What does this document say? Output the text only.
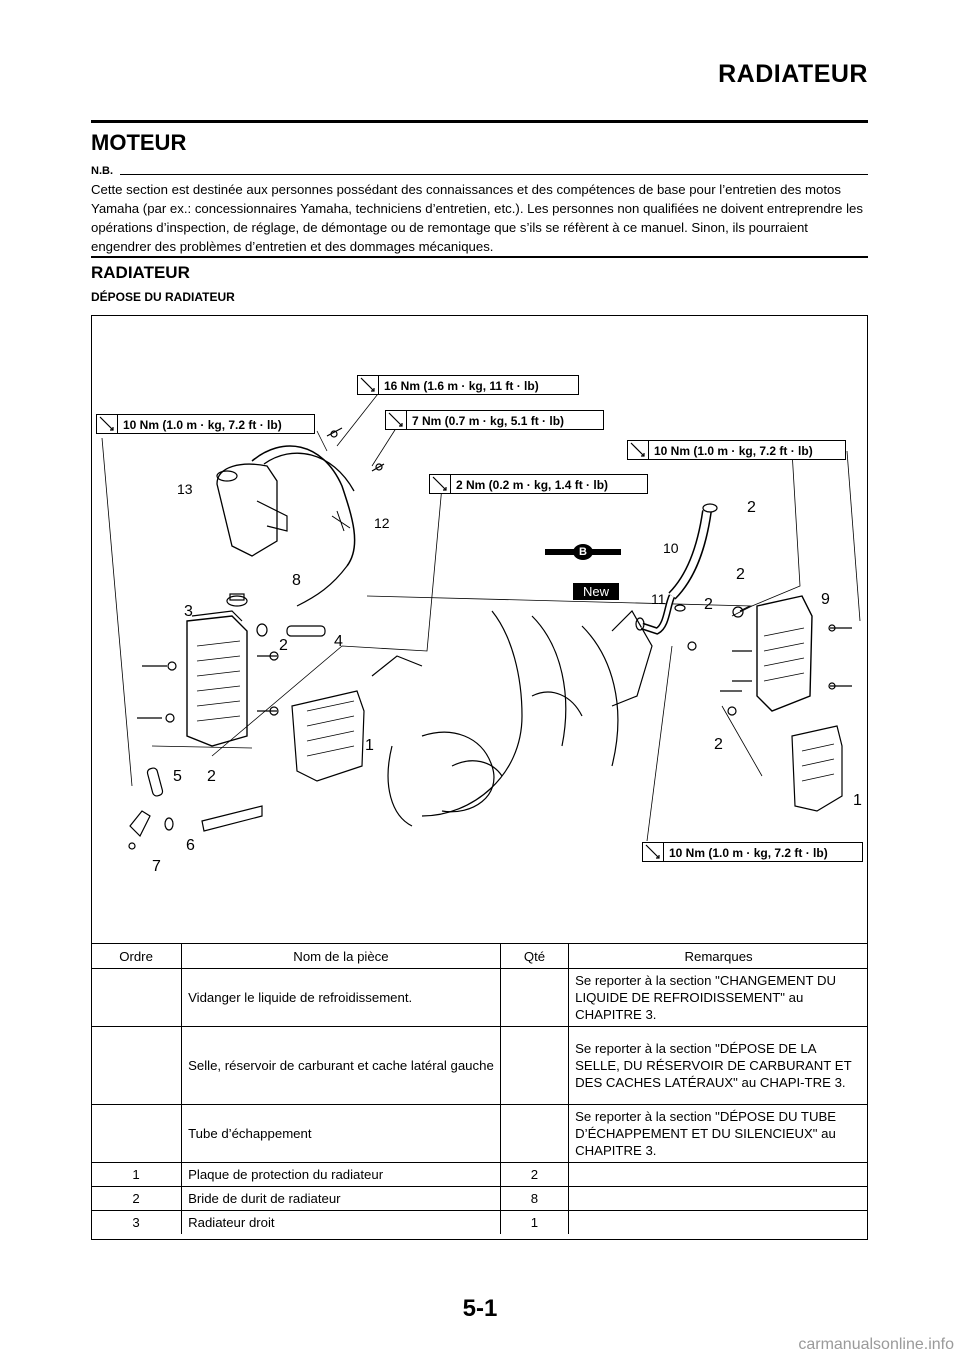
RADIATEUR
MOTEUR
N.B.
Cette section est destinée aux personnes possédant des connaissances et des compétences de base pour l’entretien des motos Yamaha (par ex.: concessionnaires Yamaha, techniciens d’entretien, etc.). Les personnes non qualifiées ne doivent entreprendre les opérations d’inspection, de réglage, de démontage ou de remontage que s’ils se réfèrent à ce manuel. Sinon, ils pourraient engendrer des problèmes d’entretien et des dommages mécaniques.
RADIATEUR
DÉPOSE DU RADIATEUR
16 Nm (1.6 m · kg, 11 ft · lb)
10 Nm (1.0 m · kg, 7.2 ft · lb)	7 Nm (0.7 m · kg, 5.1 ft · lb)
10 Nm (1.0 m · kg, 7.2 ft · lb)
2 Nm (0.2 m · kg, 1.4 ft · lb)
10 Nm (1.0 m · kg, 7.2 ft · lb)
B
New
13
12
8
3
2	4
10
11
2
2
2	9
1
5 2
6
7
2
1
Ordre	Nom de la pièce	Qté	Remarques
	Vidanger le liquide de refroidissement.		Se reporter à la section "CHANGEMENT DU LIQUIDE DE REFROIDISSEMENT" au CHAPITRE 3.
	Selle, réservoir de carburant et cache latéral gauche		Se reporter à la section "DÉPOSE DE LA SELLE, DU RÉSERVOIR DE CARBURANT ET DES CACHES LATÉRAUX" au CHAPI-TRE 3.
	Tube d’échappement		Se reporter à la section "DÉPOSE DU TUBE D’ÉCHAPPEMENT ET DU SILENCIEUX" au CHAPITRE 3.
1	Plaque de protection du radiateur	2	
2	Bride de durit de radiateur	8	
3	Radiateur droit	1	
5-1
carmanualsonline.info
